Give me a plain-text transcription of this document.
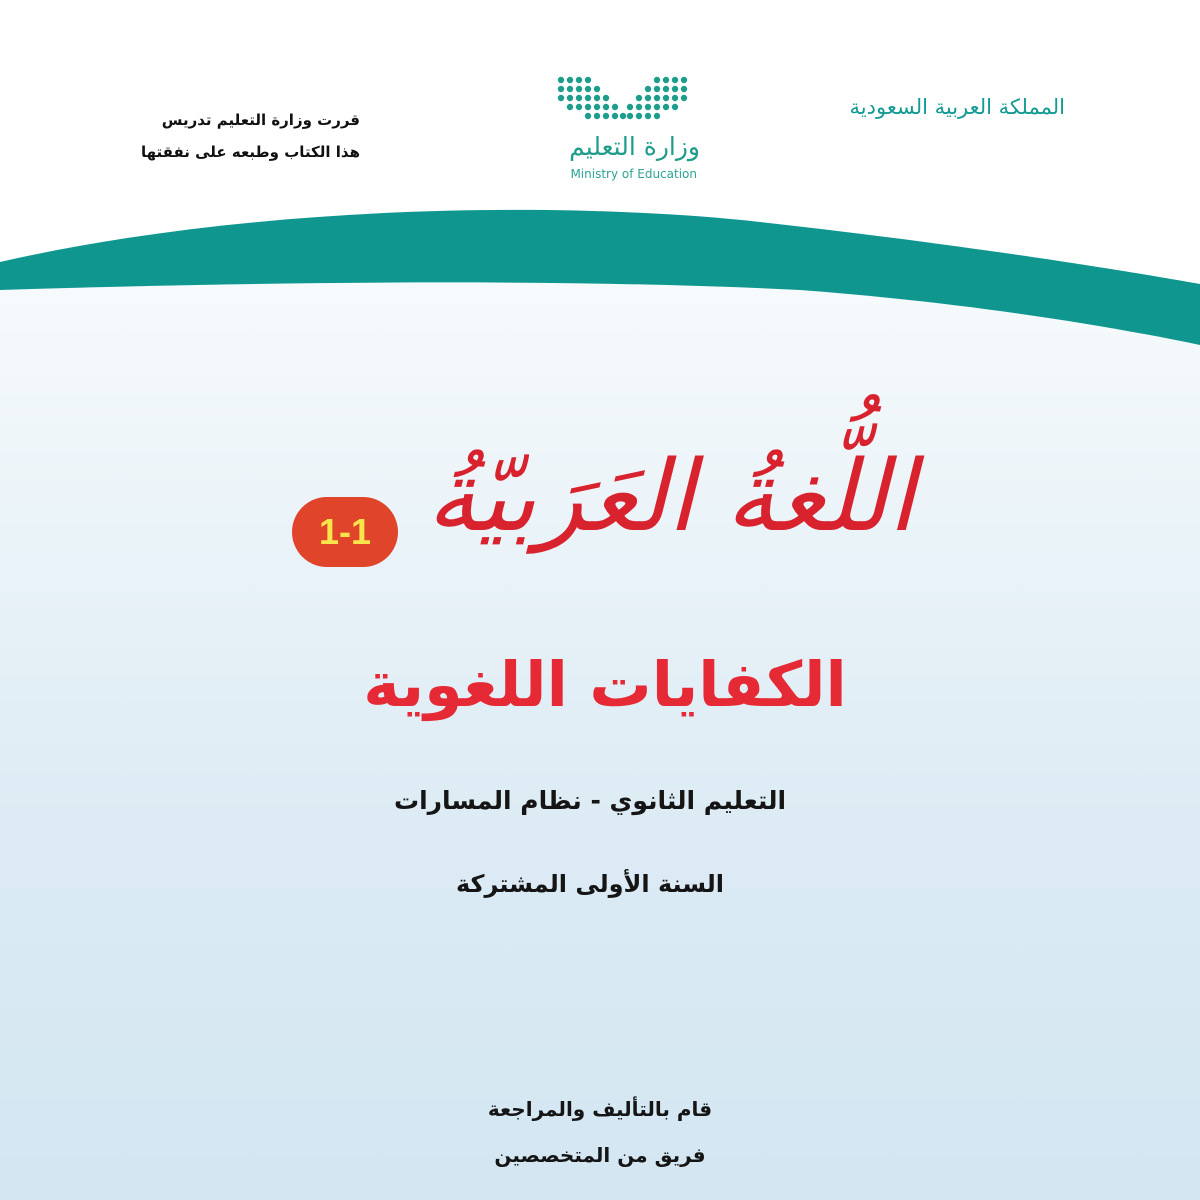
قررت وزارة التعليم تدريس
هذا الكتاب وطبعه على نفقتها	وزارة التعليم
Ministry of Education
المملكة العربية السعودية
اللُّغةُ العَرَبيّةُ
1-1
الكفايات اللغوية
التعليم الثانوي - نظام المسارات
السنة الأولى المشتركة
قام بالتأليف والمراجعة
فريق من المتخصصين
